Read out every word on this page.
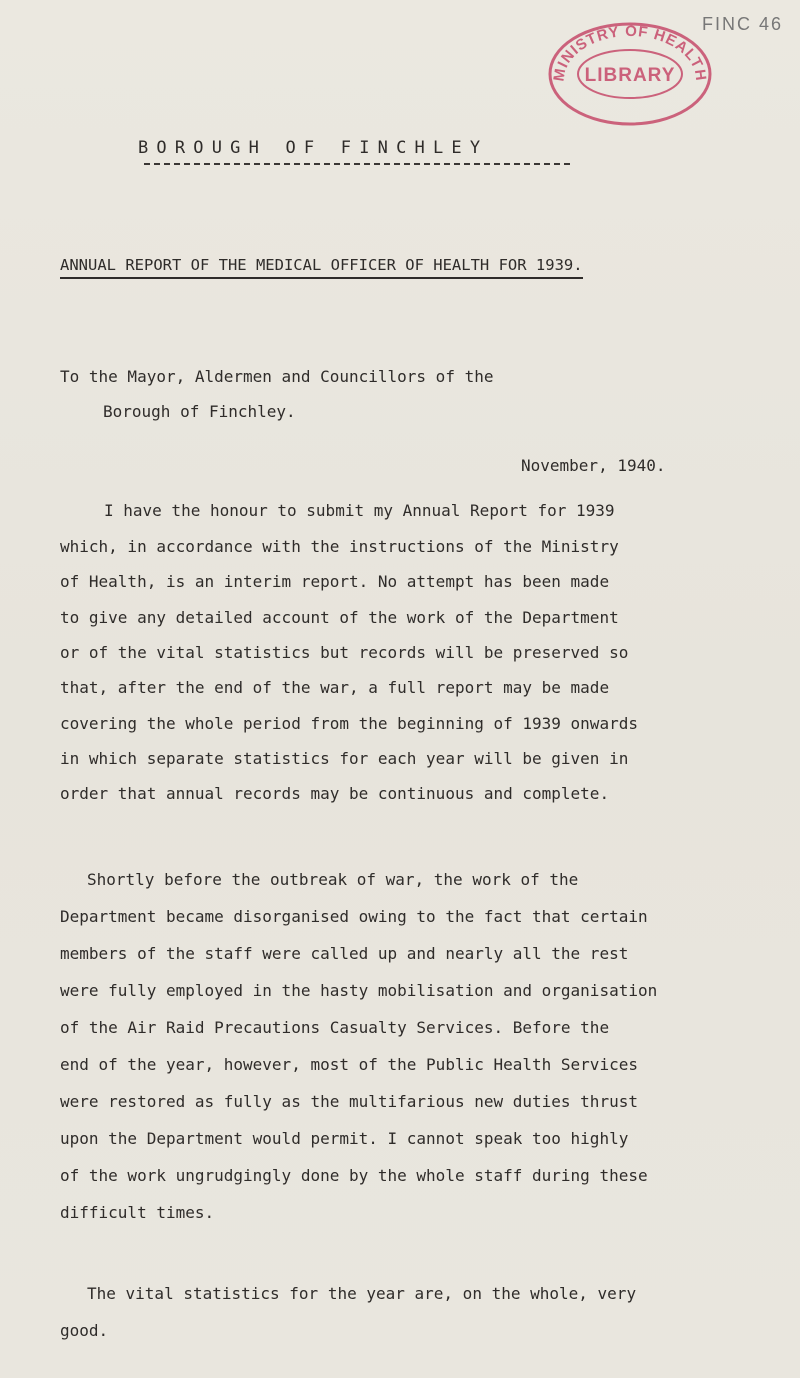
FINC 46
MINISTRY OF HEALTH
LIBRARY
BOROUGH OF FINCHLEY
ANNUAL REPORT OF THE MEDICAL OFFICER OF HEALTH FOR 1939.
To the Mayor, Aldermen and Councillors of the
Borough of Finchley.
November, 1940.
I have the honour to submit my Annual Report for 1939
which, in accordance with the instructions of the Ministry
of Health, is an interim report. No attempt has been made
to give any detailed account of the work of the Department
or of the vital statistics but records will be preserved so
that, after the end of the war, a full report may be made
covering the whole period from the beginning of 1939 onwards
in which separate statistics for each year will be given in
order that annual records may be continuous and complete.
Shortly before the outbreak of war, the work of the
Department became disorganised owing to the fact that certain
members of the staff were called up and nearly all the rest
were fully employed in the hasty mobilisation and organisation
of the Air Raid Precautions Casualty Services. Before the
end of the year, however, most of the Public Health Services
were restored as fully as the multifarious new duties thrust
upon the Department would permit. I cannot speak too highly
of the work ungrudgingly done by the whole staff during these
difficult times.
The vital statistics for the year are, on the whole, very
good.
